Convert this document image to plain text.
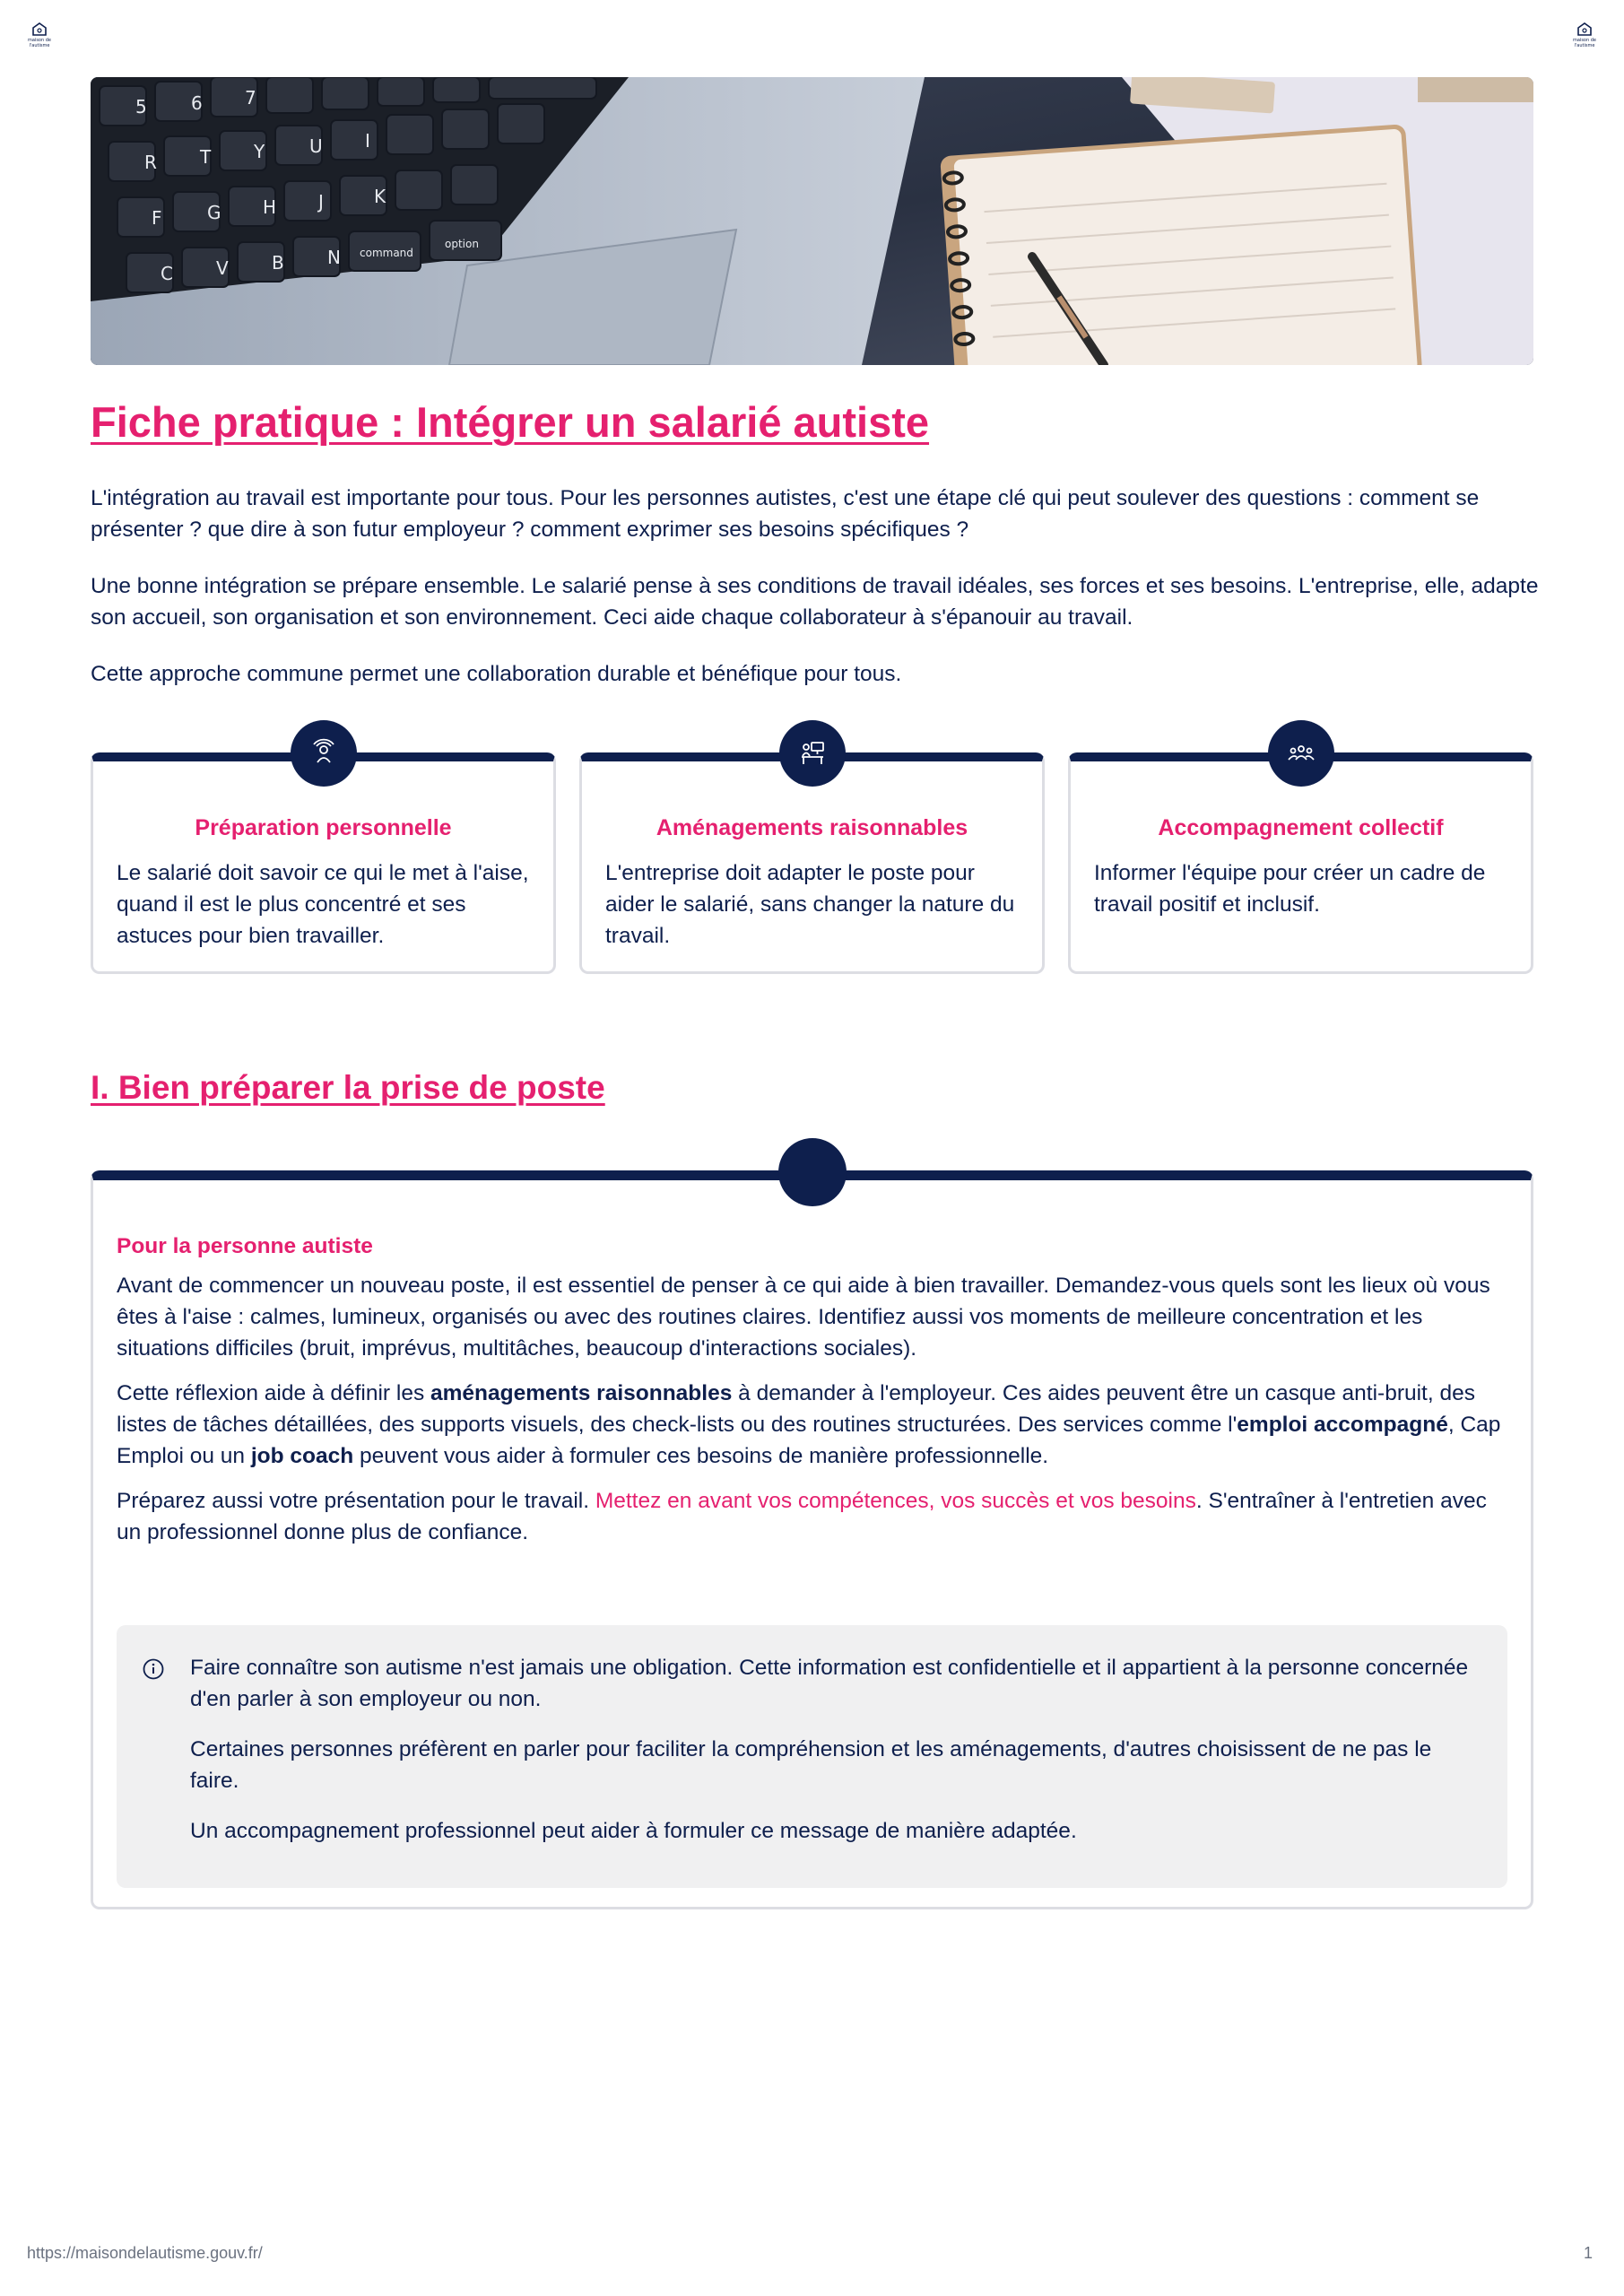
maison de
l'autisme
maison de
l'autisme
5 6 7
R T Y U I
F	G H J	K
C V B N command
option
Fiche pratique : Intégrer un salarié autiste

L'intégration au travail est importante pour tous. Pour les personnes autistes, c'est une étape clé qui peut soulever des questions : comment se présenter ? que dire à son futur employeur ? comment exprimer ses besoins spécifiques ?

Une bonne intégration se prépare ensemble. Le salarié pense à ses conditions de travail idéales, ses forces et ses besoins. L'entreprise, elle, adapte son accueil, son organisation et son environnement. Ceci aide chaque collaborateur à s'épanouir au travail.

Cette approche commune permet une collaboration durable et bénéfique pour tous.

Préparation personnelle

Le salarié doit savoir ce qui le met à l'aise, quand il est le plus concentré et ses astuces pour bien travailler.

Aménagements raisonnables

L'entreprise doit adapter le poste pour aider le salarié, sans changer la nature du travail.

Accompagnement collectif

Informer l'équipe pour créer un cadre de travail positif et inclusif.

I. Bien préparer la prise de poste
Pour la personne autiste

Avant de commencer un nouveau poste, il est essentiel de penser à ce qui aide à bien travailler. Demandez-vous quels sont les lieux où vous êtes à l'aise : calmes, lumineux, organisés ou avec des routines claires. Identifiez aussi vos moments de meilleure concentration et les situations difficiles (bruit, imprévus, multitâches, beaucoup d'interactions sociales).

Cette réflexion aide à définir les aménagements raisonnables à demander à l'employeur. Ces aides peuvent être un casque anti-bruit, des listes de tâches détaillées, des supports visuels, des check-lists ou des routines structurées. Des services comme l'emploi accompagné, Cap Emploi ou un job coach peuvent vous aider à formuler ces besoins de manière professionnelle.

Préparez aussi votre présentation pour le travail. Mettez en avant vos compétences, vos succès et vos besoins. S'entraîner à l'entretien avec un professionnel donne plus de confiance.

Faire connaître son autisme n'est jamais une obligation. Cette information est confidentielle et il appartient à la personne concernée d'en parler à son employeur ou non.

Certaines personnes préfèrent en parler pour faciliter la compréhension et les aménagements, d'autres choisissent de ne pas le faire.

Un accompagnement professionnel peut aider à formuler ce message de manière adaptée.

https://maisondelautisme.gouv.fr/	1
